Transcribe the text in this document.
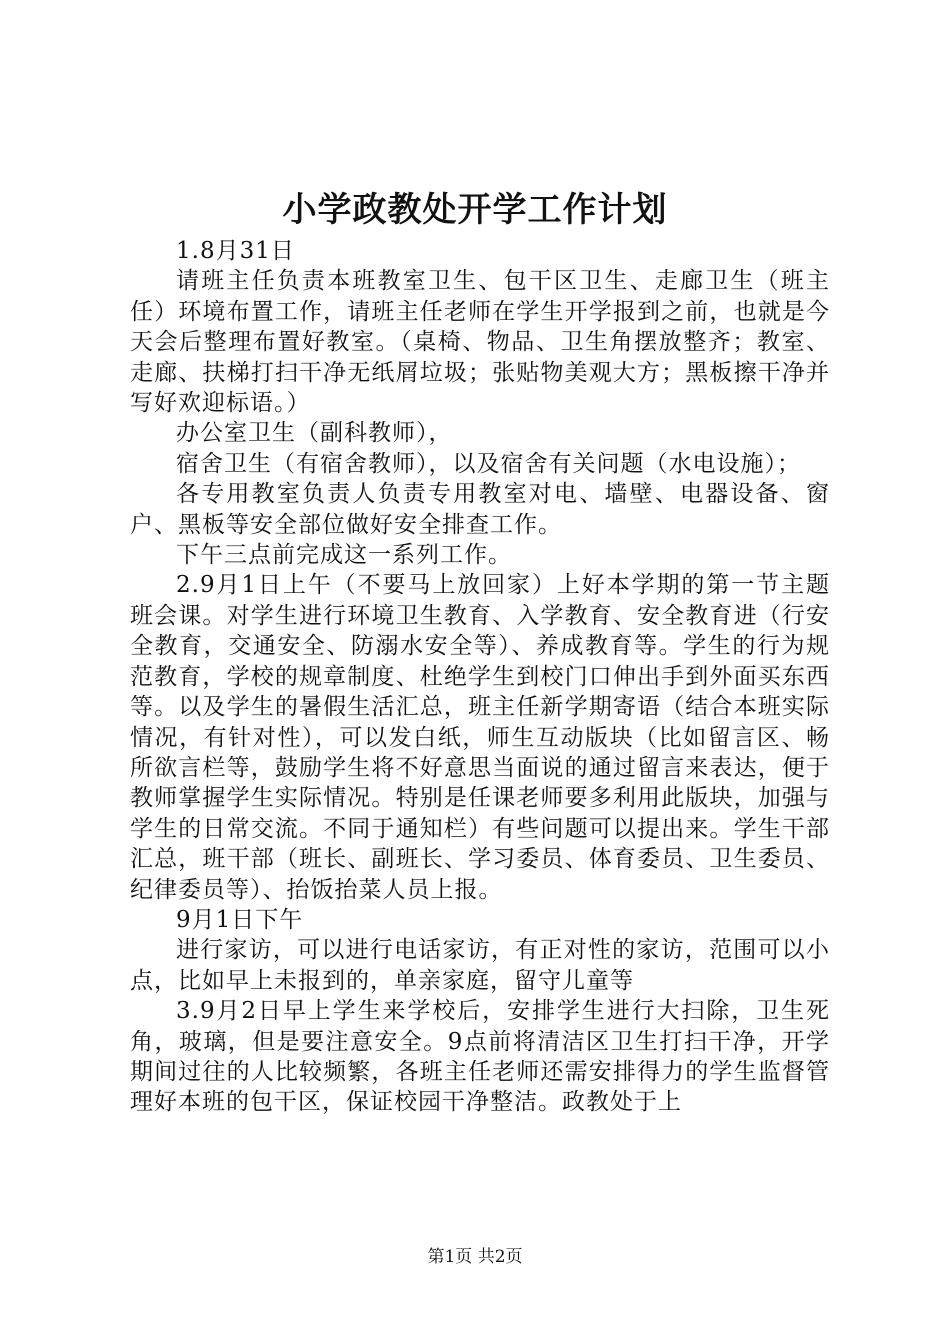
小学政教处开学工作计划

1.8月31日

请班主任负责本班教室卫生、包干区卫生、走廊卫生（班主任）环境布置工作，请班主任老师在学生开学报到之前，也就是今天会后整理布置好教室。（桌椅、物品、卫生角摆放整齐；教室、走廊、扶梯打扫干净无纸屑垃圾；张贴物美观大方；黑板擦干净并写好欢迎标语。）

办公室卫生（副科教师），

宿舍卫生（有宿舍教师），以及宿舍有关问题（水电设施）；

各专用教室负责人负责专用教室对电、墙壁、电器设备、窗户、黑板等安全部位做好安全排查工作。

下午三点前完成这一系列工作。

2.9月1日上午（不要马上放回家）上好本学期的第一节主题班会课。对学生进行环境卫生教育、入学教育、安全教育进（行安全教育，交通安全、防溺水安全等）、养成教育等。学生的行为规范教育，学校的规章制度、杜绝学生到校门口伸出手到外面买东西等。以及学生的暑假生活汇总，班主任新学期寄语（结合本班实际情况，有针对性），可以发白纸，师生互动版块（比如留言区、畅所欲言栏等，鼓励学生将不好意思当面说的通过留言来表达，便于教师掌握学生实际情况。特别是任课老师要多利用此版块，加强与学生的日常交流。不同于通知栏）有些问题可以提出来。学生干部汇总，班干部（班长、副班长、学习委员、体育委员、卫生委员、纪律委员等）、抬饭抬菜人员上报。

9月1日下午

进行家访，可以进行电话家访，有正对性的家访，范围可以小点，比如早上未报到的，单亲家庭，留守儿童等

3.9月2日早上学生来学校后，安排学生进行大扫除，卫生死角，玻璃，但是要注意安全。9点前将清洁区卫生打扫干净，开学期间过往的人比较频繁，各班主任老师还需安排得力的学生监督管理好本班的包干区，保证校园干净整洁。政教处于上

第1页 共2页
